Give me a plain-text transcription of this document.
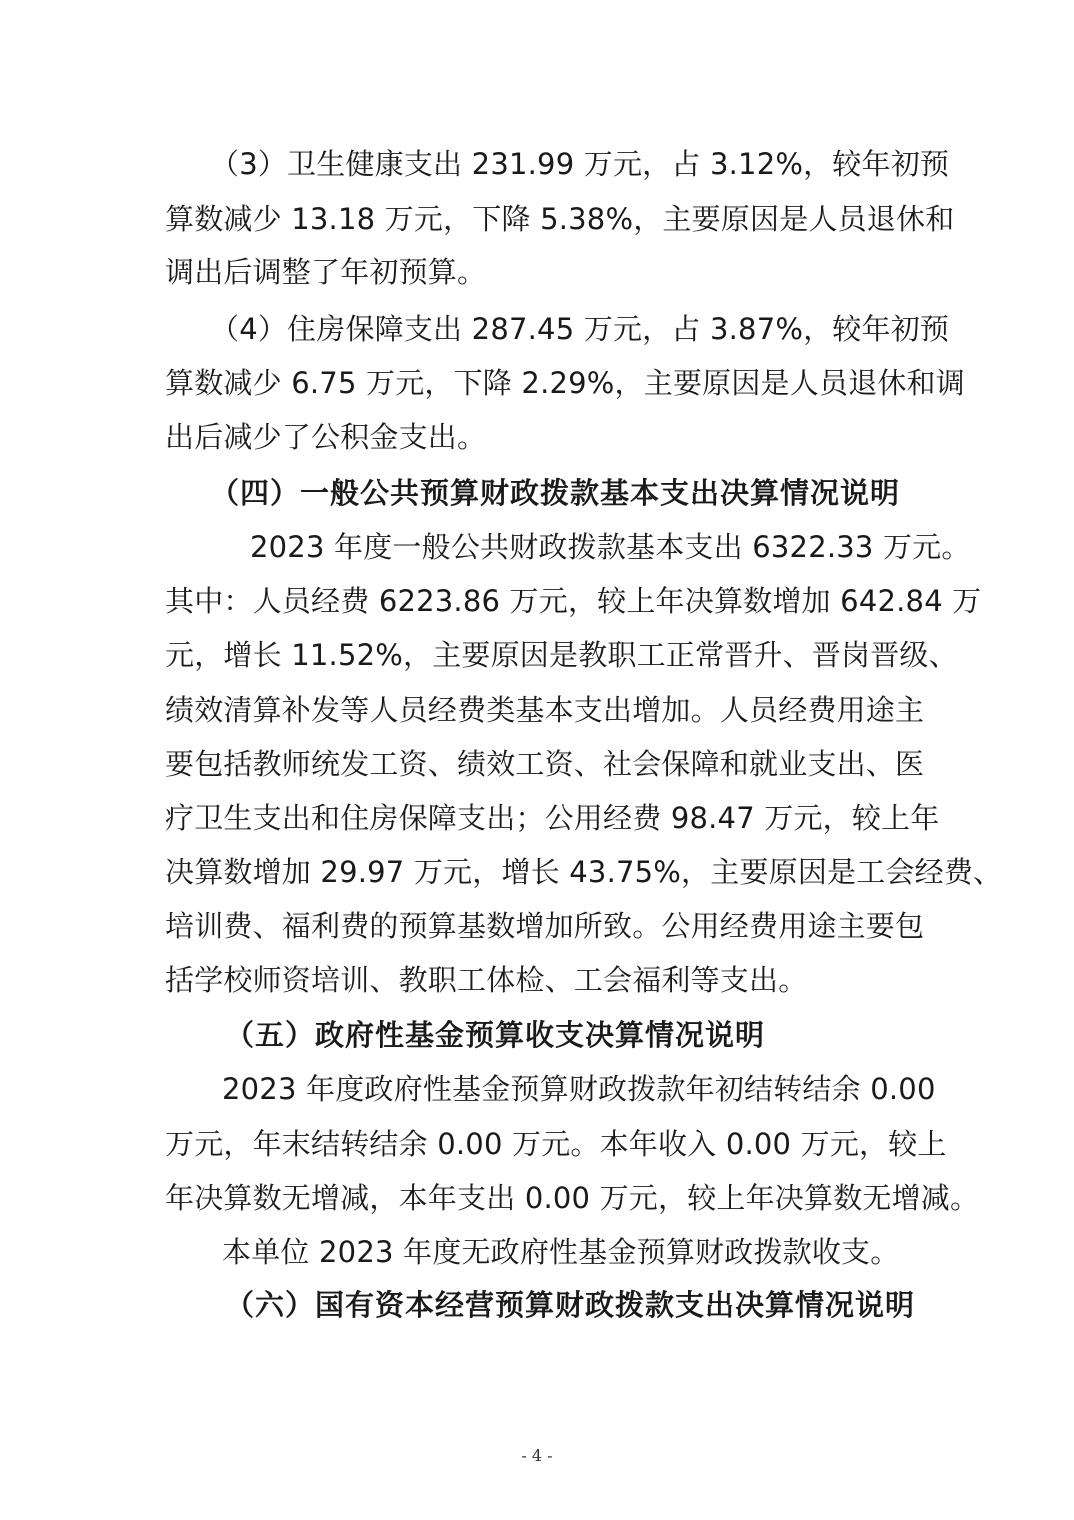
（3）卫生健康支出 231.99 万元，占 3.12%，较年初预
算数减少 13.18 万元，下降 5.38%，主要原因是人员退休和
调出后调整了年初预算。
（4）住房保障支出 287.45 万元，占 3.87%，较年初预
算数减少 6.75 万元，下降 2.29%，主要原因是人员退休和调
出后减少了公积金支出。
（四）一般公共预算财政拨款基本支出决算情况说明
2023 年度一般公共财政拨款基本支出 6322.33 万元。
其中：人员经费 6223.86 万元，较上年决算数增加 642.84 万
元，增长 11.52%，主要原因是教职工正常晋升、晋岗晋级、
绩效清算补发等人员经费类基本支出增加。人员经费用途主
要包括教师统发工资、绩效工资、社会保障和就业支出、医
疗卫生支出和住房保障支出；公用经费 98.47 万元，较上年
决算数增加 29.97 万元，增长 43.75%，主要原因是工会经费、
培训费、福利费的预算基数增加所致。公用经费用途主要包
括学校师资培训、教职工体检、工会福利等支出。
（五）政府性基金预算收支决算情况说明
2023 年度政府性基金预算财政拨款年初结转结余 0.00
万元，年末结转结余 0.00 万元。本年收入 0.00 万元，较上
年决算数无增减，本年支出 0.00 万元，较上年决算数无增减。
本单位 2023 年度无政府性基金预算财政拨款收支。
（六）国有资本经营预算财政拨款支出决算情况说明
- 4 -
